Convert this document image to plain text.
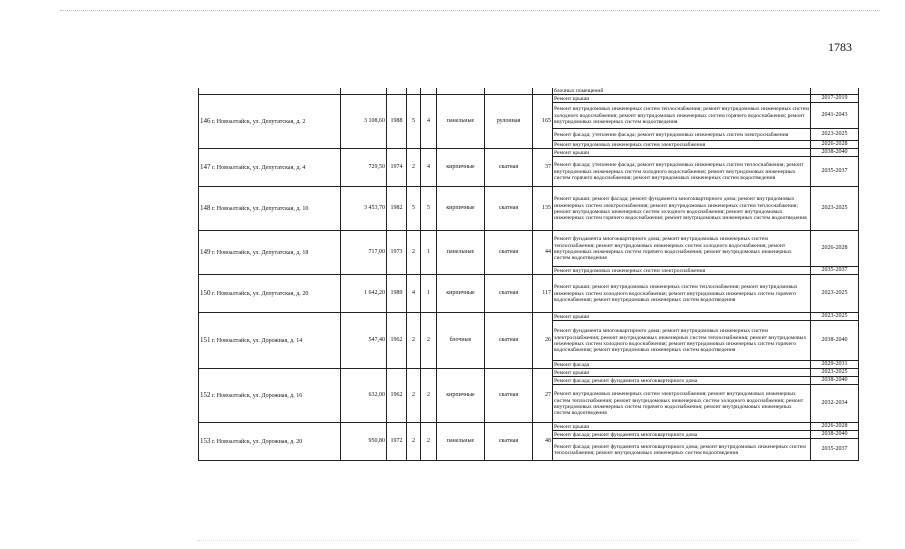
1783
								блочных помещений	
146 г. Новоалтайск, ул. Депутатская, д. 2	3 108,60	1988	5	4	панельные	рулонная	165	Ремонт крыши	2017-2019
								Ремонт внутридомовых инженерных систем теплоснабжения; ремонт внутридомовых инженерных систем холодного водоснабжения; ремонт внутридомовых инженерных систем горячего водоснабжения; ремонт внутридомовых инженерных систем водоотведения	2041-2043
								Ремонт фасада; утепление фасада; ремонт внутридомовых инженерных систем электроснабжения	2023-2025
								Ремонт внутридомовых инженерных систем электроснабжения	2026-2028
147 г. Новоалтайск, ул. Депутатская, д. 4	729,50	1974	2	4	кирпичные	скатная	37	Ремонт крыши	2038-2040
								Ремонт фасада; утепление фасада; ремонт внутридомовых инженерных систем теплоснабжения; ремонт внутридомовых инженерных систем холодного водоснабжения; ремонт внутридомовых инженерных систем горячего водоснабжения; ремонт внутридомовых инженерных систем водоотведения	2035-2037
148 г. Новоалтайск, ул. Депутатская, д. 10	3 453,70	1982	5	5	кирпичные	скатная	135	Ремонт крыши; ремонт фасада; ремонт фундамента многоквартирного дома; ремонт внутридомовых инженерных систем электроснабжения; ремонт внутридомовых инженерных систем теплоснабжения; ремонт внутридомовых инженерных систем холодного водоснабжения; ремонт внутридомовых инженерных систем горячего водоснабжения; ремонт внутридомовых инженерных систем водоотведения	2023-2025
149 г. Новоалтайск, ул. Депутатская, д. 18	717,00	1973	2	1	панельные	скатная	44	Ремонт фундамента многоквартирного дома; ремонт внутридомовых инженерных систем теплоснабжения; ремонт внутридомовых инженерных систем холодного водоснабжения; ремонт внутридомовых инженерных систем горячего водоснабжения; ремонт внутридомовых инженерных систем водоотведения	2026-2028
								Ремонт внутридомовых инженерных систем электроснабжения	2035-2037
150 г. Новоалтайск, ул. Депутатская, д. 20	1 642,20	1989	4	1	кирпичные	скатная	117	Ремонт крыши; ремонт внутридомовых инженерных систем теплоснабжения; ремонт внутридомовых инженерных систем холодного водоснабжения; ремонт внутридомовых инженерных систем горячего водоснабжения; ремонт внутридомовых инженерных систем водоотведения	2023-2025
151 г. Новоалтайск, ул. Дорожная, д. 14	547,40	1962	2	2	блочные	скатная	26	Ремонт крыши	2023-2025
								Ремонт фундамента многоквартирного дома; ремонт внутридомовых инженерных систем электроснабжения; ремонт внутридомовых инженерных систем теплоснабжения; ремонт внутридомовых инженерных систем холодного водоснабжения; ремонт внутридомовых инженерных систем горячего водоснабжения; ремонт внутридомовых инженерных систем водоотведения	2038-2040
								Ремонт фасада	2029-2031
152 г. Новоалтайск, ул. Дорожная, д. 16	632,00	1962	2	2	кирпичные	скатная	27	Ремонт крыши	2023-2025
								Ремонт фасада; ремонт фундамента многоквартирного дома	2038-2040
								Ремонт внутридомовых инженерных систем электроснабжения; ремонт внутридомовых инженерных систем теплоснабжения; ремонт внутридомовых инженерных систем холодного водоснабжения; ремонт внутридомовых инженерных систем горячего водоснабжения; ремонт внутридомовых инженерных систем водоотведения	2032-2034
153 г. Новоалтайск, ул. Дорожная, д. 20	950,80	1972	2	2	панельные	скатная	48	Ремонт крыши	2026-2028
								Ремонт фасада; ремонт фундамента многоквартирного дома	2038-2040
								Ремонт фасада; ремонт фундамента многоквартирного дома; ремонт внутридомовых инженерных систем теплоснабжения; ремонт внутридомовых инженерных систем водоотведения	2035-2037
